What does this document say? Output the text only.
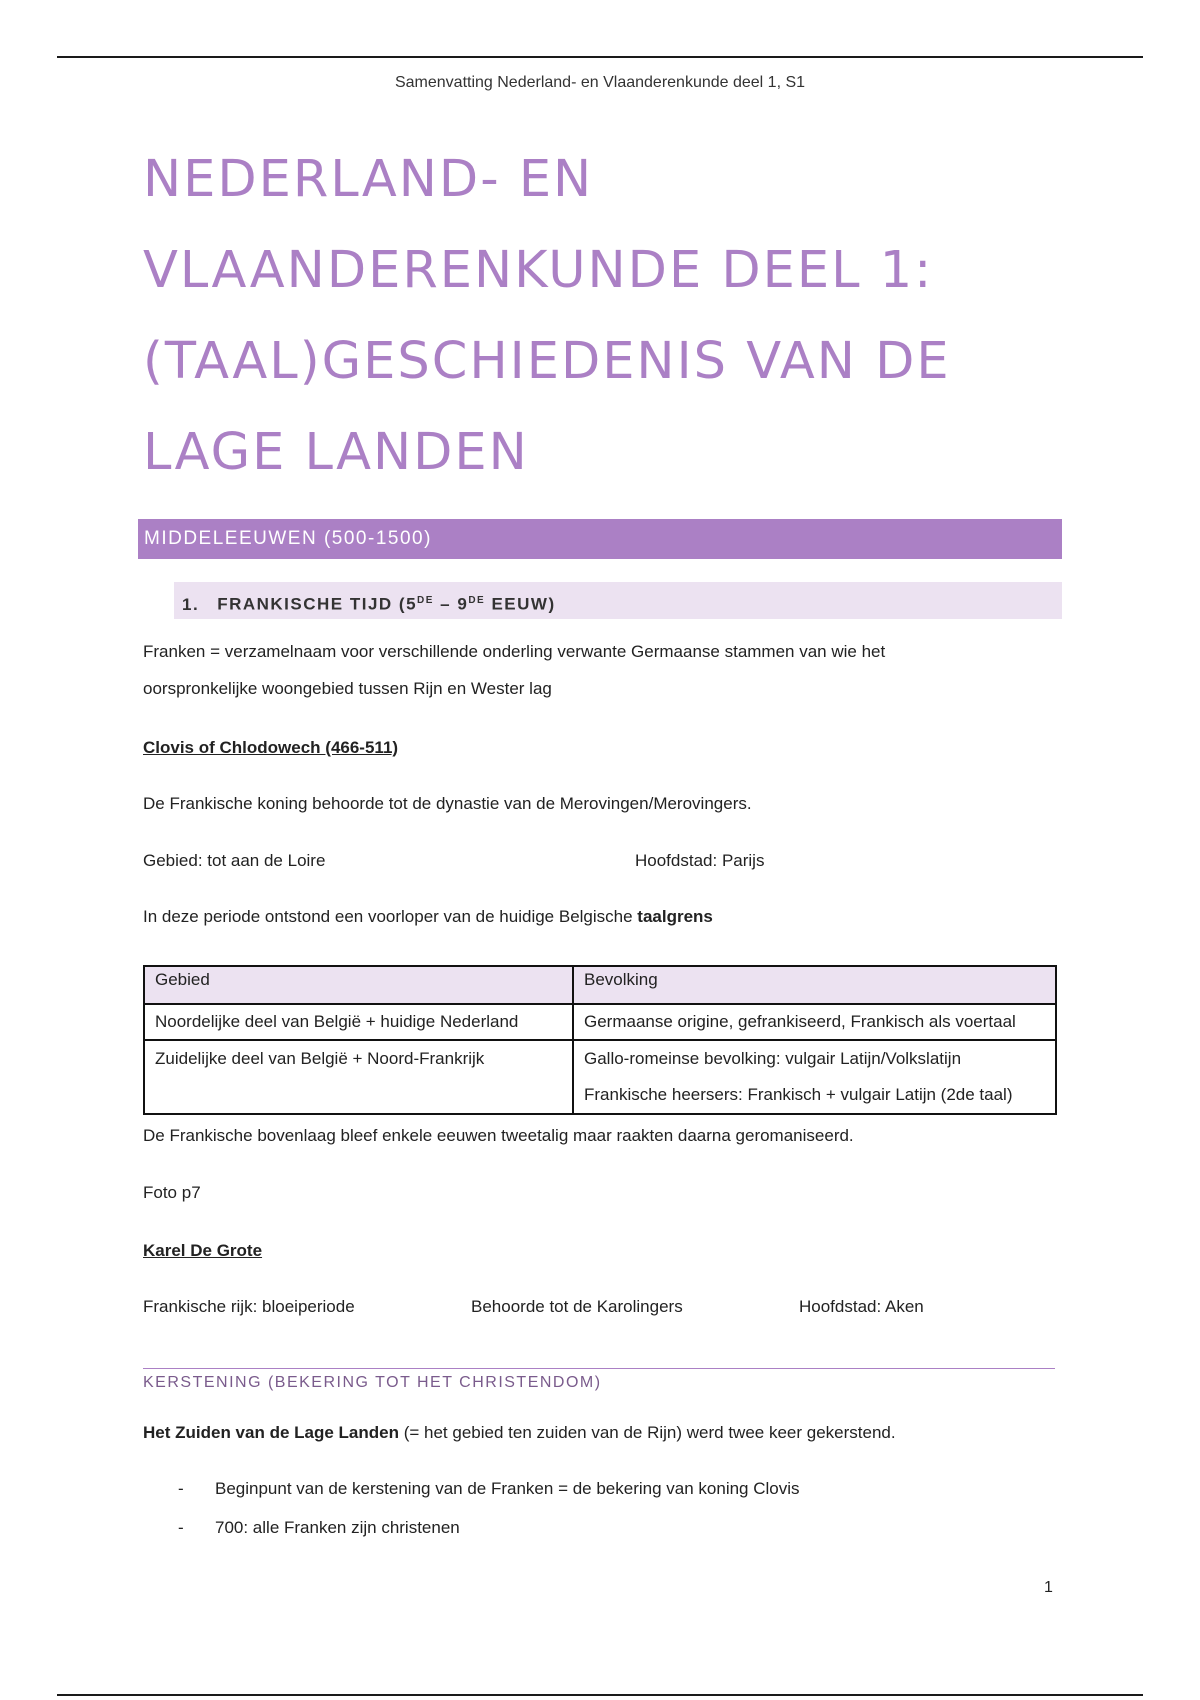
Samenvatting Nederland- en Vlaanderenkunde deel 1, S1
NEDERLAND- EN
VLAANDERENKUNDE DEEL 1:
(TAAL)GESCHIEDENIS VAN DE
LAGE LANDEN
MIDDELEEUWEN (500-1500)
1. FRANKISCHE TIJD (5DE – 9DE EEUW)
Franken = verzamelnaam voor verschillende onderling verwante Germaanse stammen van wie het
oorspronkelijke woongebied tussen Rijn en Wester lag
Clovis of Chlodowech (466-511)
De Frankische koning behoorde tot de dynastie van de Merovingen/Merovingers.
Gebied: tot aan de Loire	Hoofdstad: Parijs
In deze periode ontstond een voorloper van de huidige Belgische taalgrens
Gebied	Bevolking
Noordelijke deel van België + huidige Nederland	Germaanse origine, gefrankiseerd, Frankisch als voertaal
Zuidelijke deel van België + Noord-Frankrijk	Gallo-romeinse bevolking: vulgair Latijn/Volkslatijn
Frankische heersers: Frankisch + vulgair Latijn (2de taal)
De Frankische bovenlaag bleef enkele eeuwen tweetalig maar raakten daarna geromaniseerd.
Foto p7
Karel De Grote
Frankische rijk: bloeiperiode	Behoorde tot de Karolingers	Hoofdstad: Aken
KERSTENING (BEKERING TOT HET CHRISTENDOM)
Het Zuiden van de Lage Landen (= het gebied ten zuiden van de Rijn) werd twee keer gekerstend.
- Beginpunt van de kerstening van de Franken = de bekering van koning Clovis
- 700: alle Franken zijn christenen
1
